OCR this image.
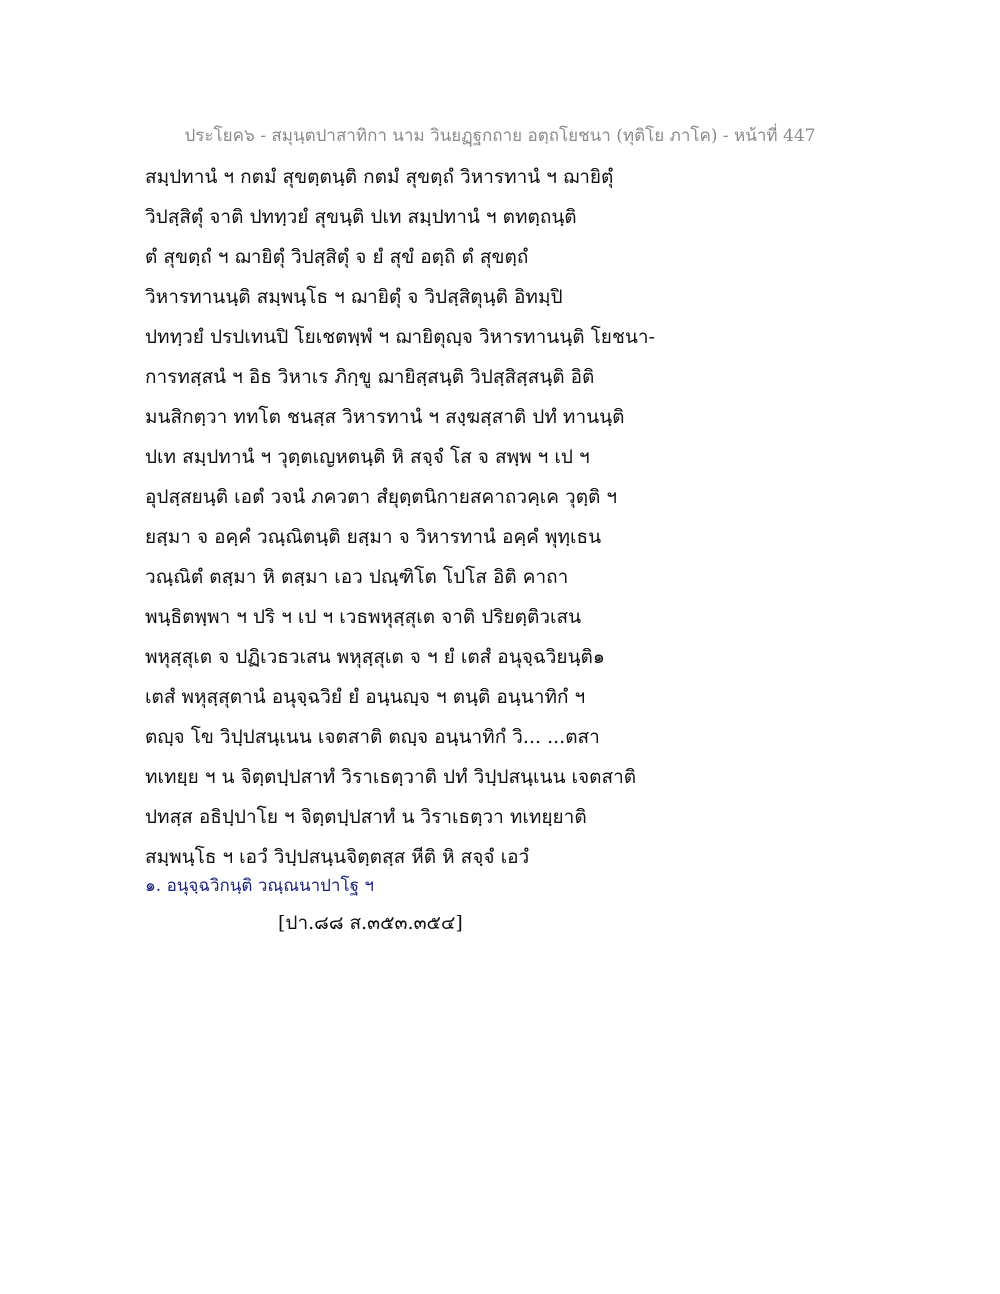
ประโยค๖ - สมุนฺตปาสาทิกา นาม วินยฏฺฐกถาย อตฺถโยชนา (ทุติโย ภาโค) - หน้าที่ 447
สมฺปทานํ ฯ กตมํ สุขตฺตนฺติ กตมํ สุขตฺถํ วิหารทานํ ฯ ฌายิตุํ
วิปสฺสิตุํ จาติ ปททฺวยํ สุขนฺติ ปเท สมฺปทานํ ฯ ตทตฺถนฺติ
ตํ สุขตฺถํ ฯ ฌายิตุํ วิปสฺสิตุํ จ ยํ สุขํ อตฺถิ ตํ สุขตฺถํ
วิหารทานนฺติ สมฺพนฺโธ ฯ ฌายิตุํ จ วิปสฺสิตุนฺติ อิทมฺปิ
ปททฺวยํ ปรปเทนปิ โยเชตพฺพํ ฯ ฌายิตุญฺจ วิหารทานนฺติ โยชนา-
การทสฺสนํ ฯ อิธ วิหาเร ภิกฺขู ฌายิสฺสนฺติ วิปสฺสิสฺสนฺติ อิติ
มนสิกตฺวา ททโต ชนสฺส วิหารทานํ ฯ สงฺฆสฺสาติ ปทํ ทานนฺติ
ปเท สมฺปทานํ ฯ วุตฺตเญหตนฺติ หิ สจฺจํ โส จ สพฺพ ฯ เป ฯ
อุปสฺสยนฺติ เอตํ วจนํ ภควตา สํยุตฺตนิกายสคาถวคฺเค วุตฺติ ฯ
ยสฺมา จ อคฺคํ วณฺณิตนฺติ ยสฺมา จ วิหารทานํ อคฺคํ พุทฺเธน
วณฺณิตํ ตสฺมา หิ ตสฺมา เอว ปณฺฑิโต โปโส อิติ คาถา
พนฺธิตพฺพา ฯ ปริ ฯ เป ฯ เวธพหุสฺสุเต จาติ ปริยตฺติวเสน
พหุสฺสุเต จ ปฏิเวธวเสน พหุสฺสุเต จ ฯ ยํ เตสํ อนุจฺฉวิยนฺติ๑
เตสํ พหุสฺสุตานํ อนุจฺฉวิยํ ยํ อนฺนญฺจ ฯ ตนฺติ อนฺนาทิกํ ฯ
ตญฺจ โข วิปฺปสนฺเนน เจตสาติ ตญฺจ อนฺนาทิกํ วิ... ...ตสา
ทเทยฺย ฯ น จิตฺตปฺปสาทํ วิราเธตฺวาติ ปทํ วิปฺปสนฺเนน เจตสาติ
ปทสฺส อธิปฺปาโย ฯ จิตฺตปฺปสาทํ น วิราเธตฺวา ทเทยฺยาติ
สมฺพนฺโธ ฯ เอวํ วิปฺปสนฺนจิตฺตสฺส หีติ หิ สจฺจํ เอวํ
๑. อนุจฺฉวิกนฺติ วณฺณนาปาโฐ ฯ
[ปา.๘๘ ส.๓๕๓.๓๕๔]
